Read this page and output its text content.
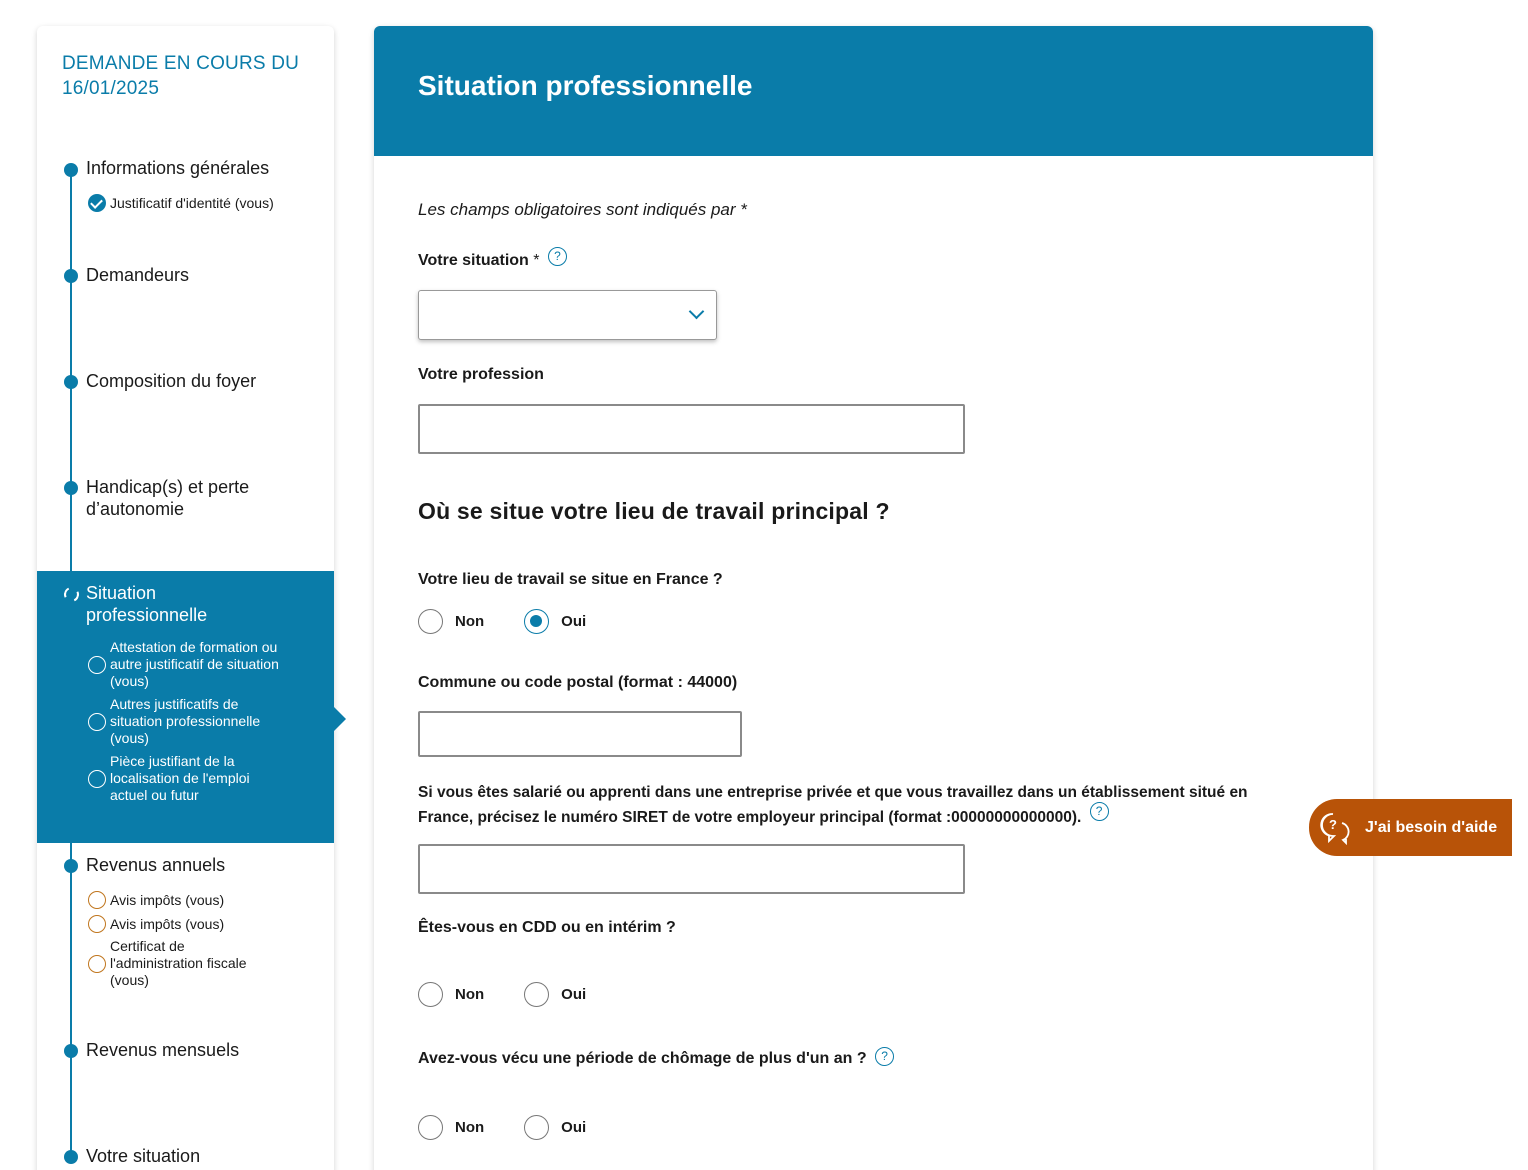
DEMANDE EN COURS DU 16/01/2025
Informations générales
Justificatif d'identité (vous)
Demandeurs
Composition du foyer
Handicap(s) et perte d’autonomie
Situation professionnelle
Attestation de formation ou autre justificatif de situation (vous)
Autres justificatifs de situation professionnelle (vous)
Pièce justifiant de la localisation de l'emploi actuel ou futur
Revenus annuels
Avis impôts (vous)
Avis impôts (vous)
Certificat de l'administration fiscale (vous)
Revenus mensuels
Votre situation
Situation professionnelle

Les champs obligatoires sont indiqués par *

Votre situation * ?
Votre profession
Où se situe votre lieu de travail principal ?
Votre lieu de travail se situe en France ?
Non	Oui
Commune ou code postal (format : 44000)
Si vous êtes salarié ou apprenti dans une entreprise privée et que vous travaillez dans un établissement situé en France, précisez le numéro SIRET de votre employeur principal (format :00000000000000). ?
Êtes-vous en CDD ou en intérim ?
Non	Oui
Avez-vous vécu une période de chômage de plus d'un an ? ?
Non	Oui
? J'ai besoin d'aide
